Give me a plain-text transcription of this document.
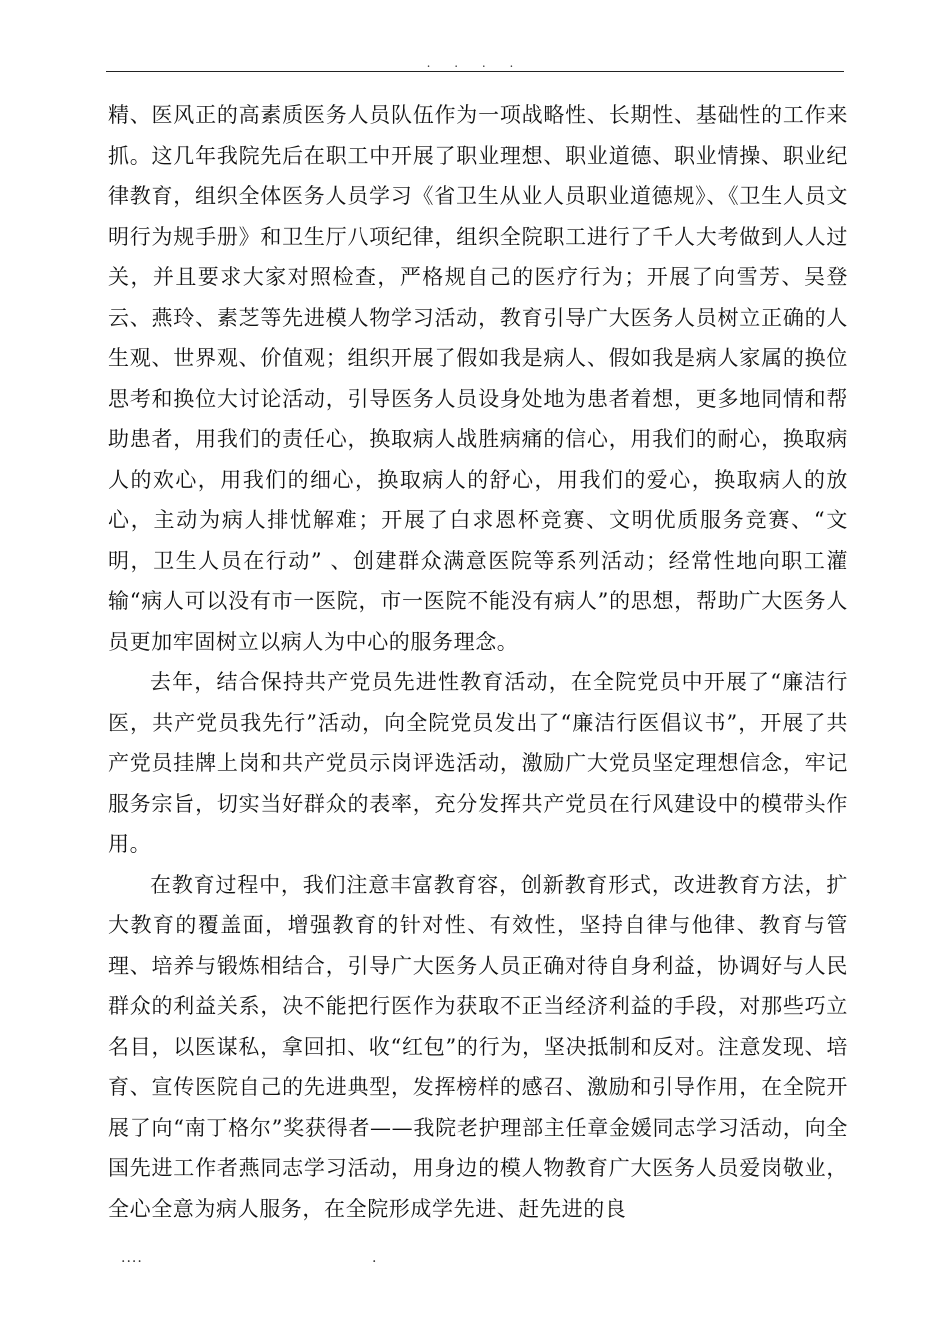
. . . .

精、医风正的高素质医务人员队伍作为一项战略性、长期性、基础性的工作来抓。这几年我院先后在职工中开展了职业理想、职业道德、职业情操、职业纪律教育，组织全体医务人员学习《省卫生从业人员职业道德规》、《卫生人员文明行为规手册》和卫生厅八项纪律，组织全院职工进行了千人大考做到人人过关，并且要求大家对照检查，严格规自己的医疗行为；开展了向雪芳、吴登云、燕玲、素芝等先进模人物学习活动，教育引导广大医务人员树立正确的人生观、世界观、价值观；组织开展了假如我是病人、假如我是病人家属的换位思考和换位大讨论活动，引导医务人员设身处地为患者着想，更多地同情和帮助患者，用我们的责任心，换取病人战胜病痛的信心，用我们的耐心，换取病人的欢心，用我们的细心，换取病人的舒心，用我们的爱心，换取病人的放心，主动为病人排忧解难；开展了白求恩杯竞赛、文明优质服务竞赛、“文明，卫生人员在行动” 、创建群众满意医院等系列活动；经常性地向职工灌输“病人可以没有市一医院，市一医院不能没有病人”的思想，帮助广大医务人员更加牢固树立以病人为中心的服务理念。

去年，结合保持共产党员先进性教育活动，在全院党员中开展了“廉洁行医，共产党员我先行”活动，向全院党员发出了“廉洁行医倡议书”，开展了共产党员挂牌上岗和共产党员示岗评选活动，激励广大党员坚定理想信念，牢记服务宗旨，切实当好群众的表率，充分发挥共产党员在行风建设中的模带头作用。

在教育过程中，我们注意丰富教育容，创新教育形式，改进教育方法，扩大教育的覆盖面，增强教育的针对性、有效性，坚持自律与他律、教育与管理、培养与锻炼相结合，引导广大医务人员正确对待自身利益，协调好与人民群众的利益关系，决不能把行医作为获取不正当经济利益的手段，对那些巧立名目，以医谋私，拿回扣、收“红包”的行为，坚决抵制和反对。注意发现、培育、宣传医院自己的先进典型，发挥榜样的感召、激励和引导作用，在全院开展了向“南丁格尔”奖获得者——我院老护理部主任章金媛同志学习活动，向全国先进工作者燕同志学习活动，用身边的模人物教育广大医务人员爱岗敬业，全心全意为病人服务，在全院形成学先进、赶先进的良

....	.
